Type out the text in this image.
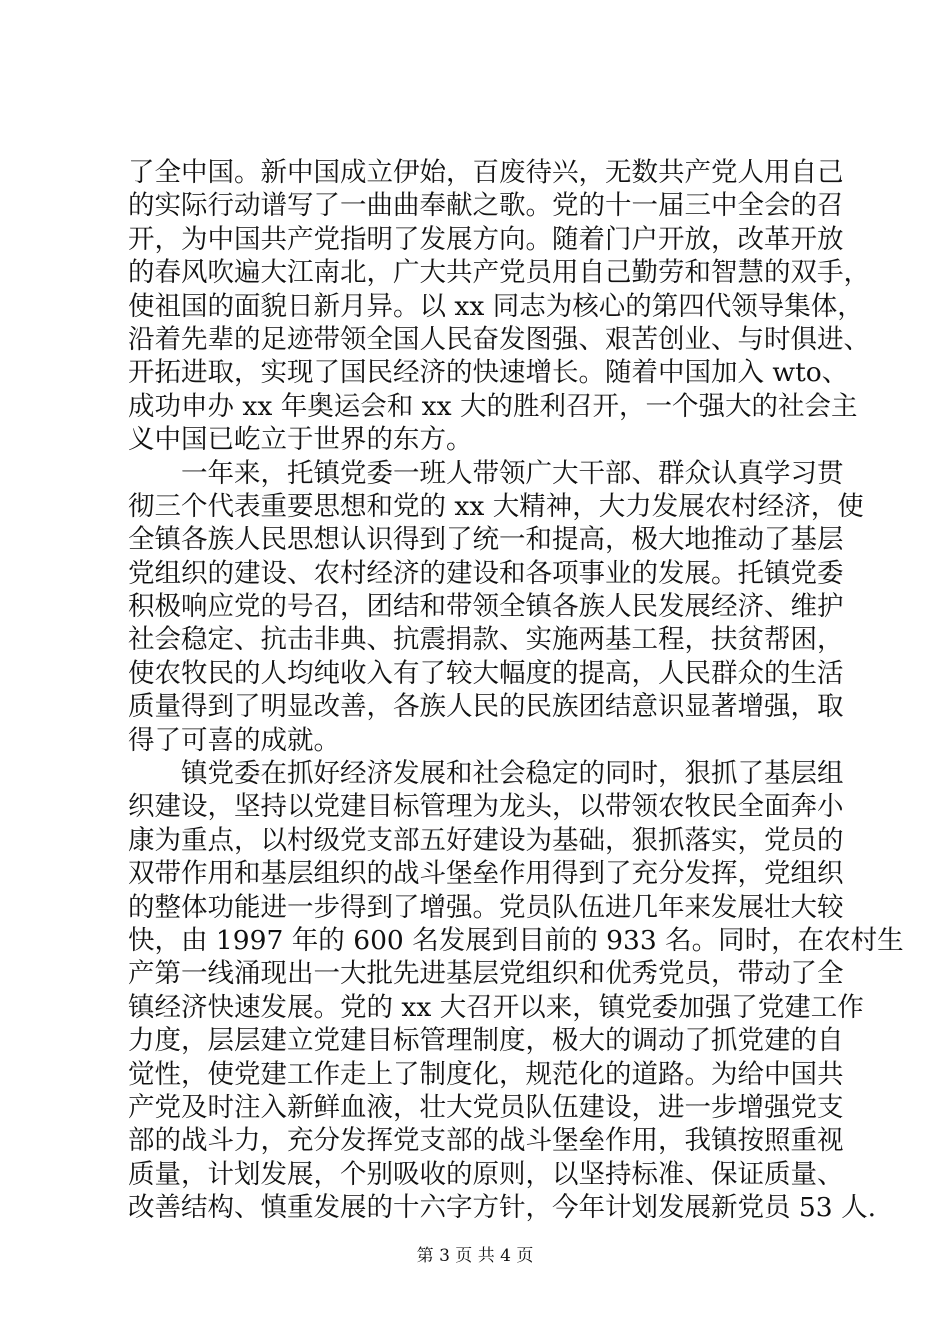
了全中国。新中国成立伊始，百废待兴，无数共产党人用自己
的实际行动谱写了一曲曲奉献之歌。党的十一届三中全会的召
开，为中国共产党指明了发展方向。随着门户开放，改革开放
的春风吹遍大江南北，广大共产党员用自己勤劳和智慧的双手，
使祖国的面貌日新月异。以 xx 同志为核心的第四代领导集体，
沿着先辈的足迹带领全国人民奋发图强、艰苦创业、与时俱进、
开拓进取，实现了国民经济的快速增长。随着中国加入 wto、
成功申办 xx 年奥运会和 xx 大的胜利召开，一个强大的社会主
义中国已屹立于世界的东方。
　　一年来，托镇党委一班人带领广大干部、群众认真学习贯
彻三个代表重要思想和党的 xx 大精神，大力发展农村经济，使
全镇各族人民思想认识得到了统一和提高，极大地推动了基层
党组织的建设、农村经济的建设和各项事业的发展。托镇党委
积极响应党的号召，团结和带领全镇各族人民发展经济、维护
社会稳定、抗击非典、抗震捐款、实施两基工程，扶贫帮困，
使农牧民的人均纯收入有了较大幅度的提高，人民群众的生活
质量得到了明显改善，各族人民的民族团结意识显著增强，取
得了可喜的成就。
　　镇党委在抓好经济发展和社会稳定的同时，狠抓了基层组
织建设，坚持以党建目标管理为龙头，以带领农牧民全面奔小
康为重点，以村级党支部五好建设为基础，狠抓落实，党员的
双带作用和基层组织的战斗堡垒作用得到了充分发挥，党组织
的整体功能进一步得到了增强。党员队伍进几年来发展壮大较
快，由 1997 年的 600 名发展到目前的 933 名。同时，在农村生
产第一线涌现出一大批先进基层党组织和优秀党员，带动了全
镇经济快速发展。党的 xx 大召开以来，镇党委加强了党建工作
力度，层层建立党建目标管理制度，极大的调动了抓党建的自
觉性，使党建工作走上了制度化，规范化的道路。为给中国共
产党及时注入新鲜血液，壮大党员队伍建设，进一步增强党支
部的战斗力，充分发挥党支部的战斗堡垒作用，我镇按照重视
质量，计划发展，个别吸收的原则，以坚持标准、保证质量、
改善结构、慎重发展的十六字方针，今年计划发展新党员 53 人.
第 3 页 共 4 页
